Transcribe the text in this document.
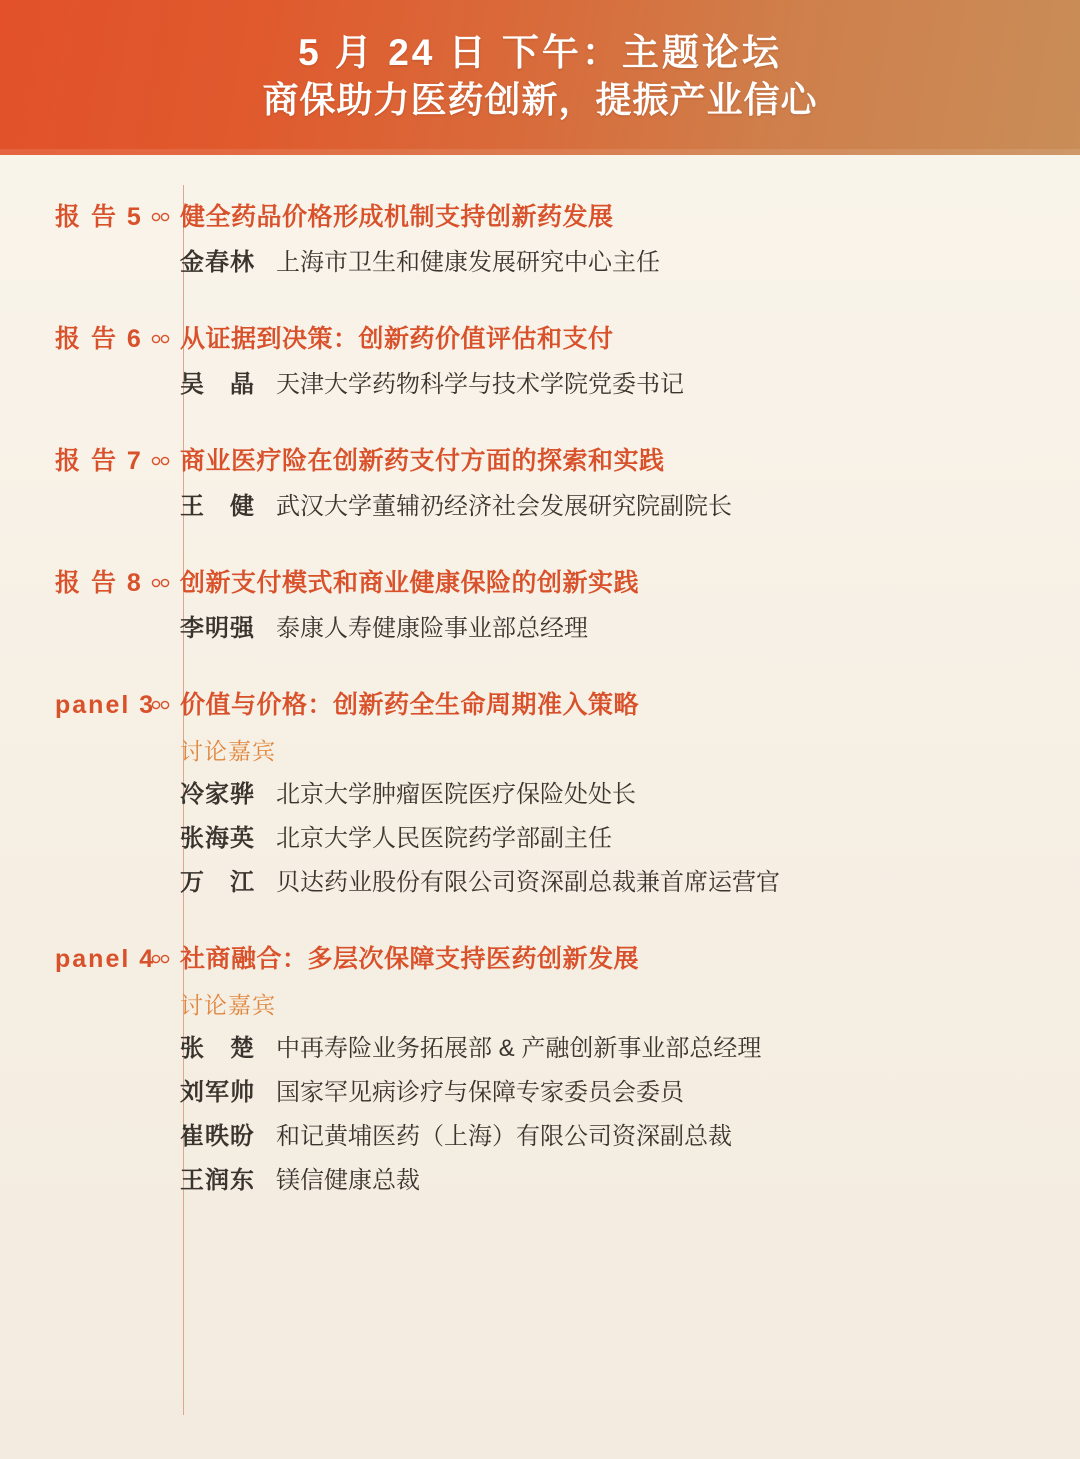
5 月 24 日 下午：主题论坛
商保助力医药创新，提振产业信心
报 告 5 健全药品价格形成机制支持创新药发展
金春林 上海市卫生和健康发展研究中心主任
报 告 6 从证据到决策：创新药价值评估和支付
吴　晶 天津大学药物科学与技术学院党委书记
报 告 7 商业医疗险在创新药支付方面的探索和实践
王　健 武汉大学董辅礽经济社会发展研究院副院长
报 告 8 创新支付模式和商业健康保险的创新实践
李明强 泰康人寿健康险事业部总经理
panel 3 价值与价格：创新药全生命周期准入策略
讨论嘉宾
冷家骅 北京大学肿瘤医院医疗保险处处长
张海英 北京大学人民医院药学部副主任
万　江 贝达药业股份有限公司资深副总裁兼首席运营官
panel 4 社商融合：多层次保障支持医药创新发展
讨论嘉宾
张　楚 中再寿险业务拓展部 & 产融创新事业部总经理
刘军帅 国家罕见病诊疗与保障专家委员会委员
崔昳昐 和记黄埔医药（上海）有限公司资深副总裁
王润东 镁信健康总裁
